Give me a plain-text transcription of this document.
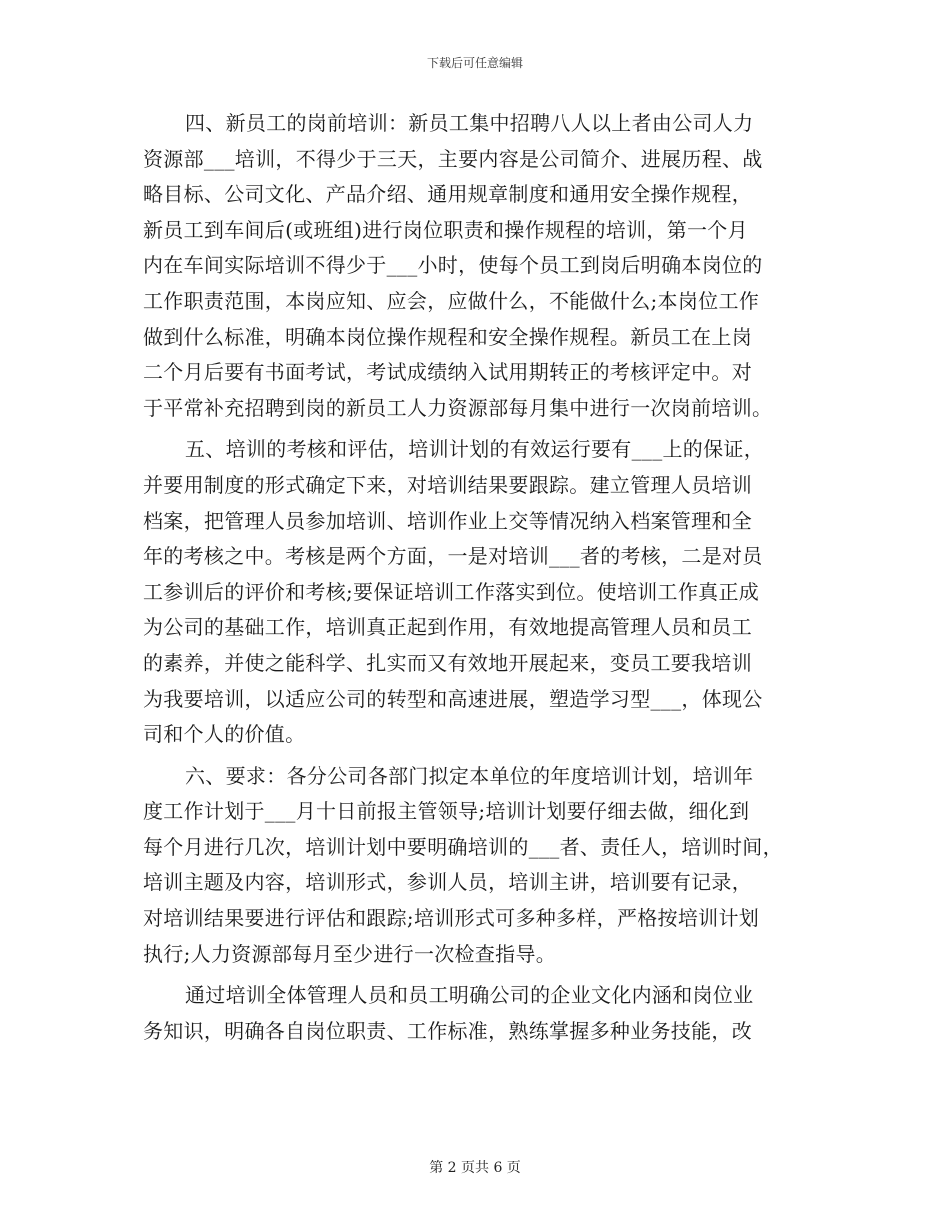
下载后可任意编辑
四、新员工的岗前培训：新员工集中招聘八人以上者由公司人力
资源部___培训，不得少于三天，主要内容是公司简介、进展历程、战
略目标、公司文化、产品介绍、通用规章制度和通用安全操作规程，
新员工到车间后(或班组)进行岗位职责和操作规程的培训，第一个月
内在车间实际培训不得少于___小时，使每个员工到岗后明确本岗位的
工作职责范围，本岗应知、应会，应做什么，不能做什么;本岗位工作
做到什么标准，明确本岗位操作规程和安全操作规程。新员工在上岗
二个月后要有书面考试，考试成绩纳入试用期转正的考核评定中。对
于平常补充招聘到岗的新员工人力资源部每月集中进行一次岗前培训。
五、培训的考核和评估，培训计划的有效运行要有___上的保证，
并要用制度的形式确定下来，对培训结果要跟踪。建立管理人员培训
档案，把管理人员参加培训、培训作业上交等情况纳入档案管理和全
年的考核之中。考核是两个方面，一是对培训___者的考核，二是对员
工参训后的评价和考核;要保证培训工作落实到位。使培训工作真正成
为公司的基础工作，培训真正起到作用，有效地提高管理人员和员工
的素养，并使之能科学、扎实而又有效地开展起来，变员工要我培训
为我要培训，以适应公司的转型和高速进展，塑造学习型___，体现公
司和个人的价值。
六、要求：各分公司各部门拟定本单位的年度培训计划，培训年
度工作计划于___月十日前报主管领导;培训计划要仔细去做，细化到
每个月进行几次，培训计划中要明确培训的___者、责任人，培训时间，
培训主题及内容，培训形式，参训人员，培训主讲，培训要有记录，
对培训结果要进行评估和跟踪;培训形式可多种多样，严格按培训计划
执行;人力资源部每月至少进行一次检查指导。
通过培训全体管理人员和员工明确公司的企业文化内涵和岗位业
务知识，明确各自岗位职责、工作标准，熟练掌握多种业务技能，改
第 2 页共 6 页
